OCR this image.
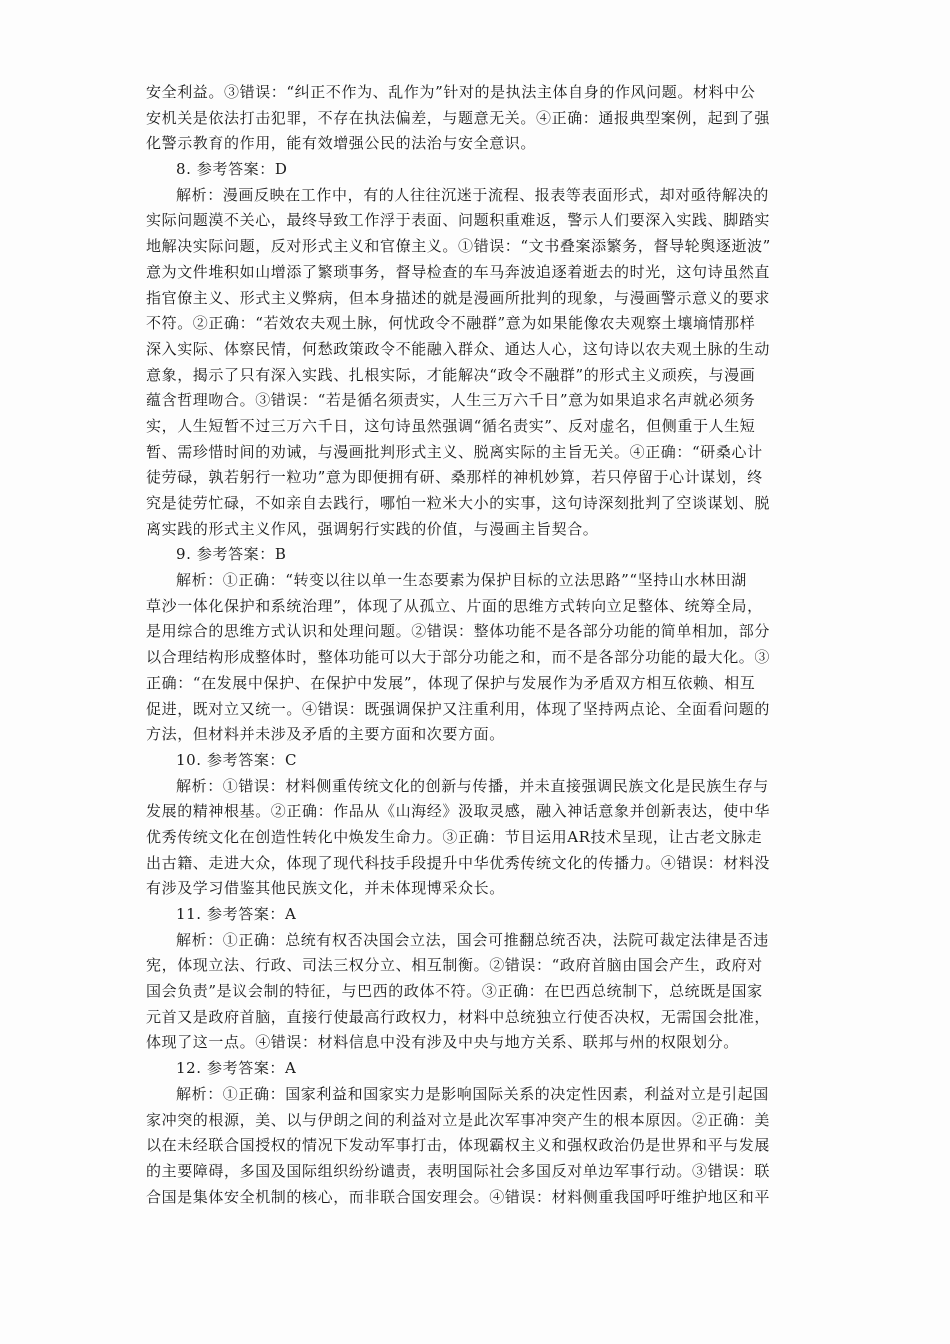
安全利益。③错误：“纠正不作为、乱作为”针对的是执法主体自身的作风问题。材料中公
安机关是依法打击犯罪，不存在执法偏差，与题意无关。④正确：通报典型案例，起到了强
化警示教育的作用，能有效增强公民的法治与安全意识。
8. 参考答案：D
解析：漫画反映在工作中，有的人往往沉迷于流程、报表等表面形式，却对亟待解决的
实际问题漠不关心，最终导致工作浮于表面、问题积重难返，警示人们要深入实践、脚踏实
地解决实际问题，反对形式主义和官僚主义。①错误：“文书叠案添繁务，督导轮舆逐逝波”
意为文件堆积如山增添了繁琐事务，督导检查的车马奔波追逐着逝去的时光，这句诗虽然直
指官僚主义、形式主义弊病，但本身描述的就是漫画所批判的现象，与漫画警示意义的要求
不符。②正确：“若效农夫观土脉，何忧政令不融群”意为如果能像农夫观察土壤墒情那样
深入实际、体察民情，何愁政策政令不能融入群众、通达人心，这句诗以农夫观土脉的生动
意象，揭示了只有深入实践、扎根实际，才能解决“政令不融群”的形式主义顽疾，与漫画
蕴含哲理吻合。③错误：“若是循名须责实，人生三万六千日”意为如果追求名声就必须务
实，人生短暂不过三万六千日，这句诗虽然强调“循名责实”、反对虚名，但侧重于人生短
暂、需珍惜时间的劝诫，与漫画批判形式主义、脱离实际的主旨无关。④正确：“研桑心计
徒劳碌，孰若躬行一粒功”意为即便拥有研、桑那样的神机妙算，若只停留于心计谋划，终
究是徒劳忙碌，不如亲自去践行，哪怕一粒米大小的实事，这句诗深刻批判了空谈谋划、脱
离实践的形式主义作风，强调躬行实践的价值，与漫画主旨契合。
9. 参考答案：B
解析：①正确：“转变以往以单一生态要素为保护目标的立法思路”“坚持山水林田湖
草沙一体化保护和系统治理”，体现了从孤立、片面的思维方式转向立足整体、统筹全局，
是用综合的思维方式认识和处理问题。②错误：整体功能不是各部分功能的简单相加，部分
以合理结构形成整体时，整体功能可以大于部分功能之和，而不是各部分功能的最大化。③
正确：“在发展中保护、在保护中发展”，体现了保护与发展作为矛盾双方相互依赖、相互
促进，既对立又统一。④错误：既强调保护又注重利用，体现了坚持两点论、全面看问题的
方法，但材料并未涉及矛盾的主要方面和次要方面。
10. 参考答案：C
解析：①错误：材料侧重传统文化的创新与传播，并未直接强调民族文化是民族生存与
发展的精神根基。②正确：作品从《山海经》汲取灵感，融入神话意象并创新表达，使中华
优秀传统文化在创造性转化中焕发生命力。③正确：节目运用AR技术呈现，让古老文脉走
出古籍、走进大众，体现了现代科技手段提升中华优秀传统文化的传播力。④错误：材料没
有涉及学习借鉴其他民族文化，并未体现博采众长。
11. 参考答案：A
解析：①正确：总统有权否决国会立法，国会可推翻总统否决，法院可裁定法律是否违
宪，体现立法、行政、司法三权分立、相互制衡。②错误：“政府首脑由国会产生，政府对
国会负责”是议会制的特征，与巴西的政体不符。③正确：在巴西总统制下，总统既是国家
元首又是政府首脑，直接行使最高行政权力，材料中总统独立行使否决权，无需国会批准，
体现了这一点。④错误：材料信息中没有涉及中央与地方关系、联邦与州的权限划分。
12. 参考答案：A
解析：①正确：国家利益和国家实力是影响国际关系的决定性因素，利益对立是引起国
家冲突的根源，美、以与伊朗之间的利益对立是此次军事冲突产生的根本原因。②正确：美
以在未经联合国授权的情况下发动军事打击，体现霸权主义和强权政治仍是世界和平与发展
的主要障碍，多国及国际组织纷纷谴责，表明国际社会多国反对单边军事行动。③错误：联
合国是集体安全机制的核心，而非联合国安理会。④错误：材料侧重我国呼吁维护地区和平
